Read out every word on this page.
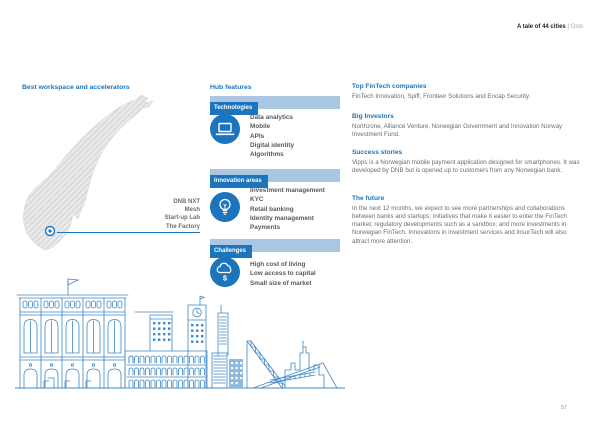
A tale of 44 cities | Oslo
Best workspace and accelerators
DNB NXT
Mesh
Start-up Lab
The Factory
Hub features
Technologies
Data analytics
Mobile
APIs
Digital identity
Algorithms
Innovation areas
Investment management
KYC
Retail banking
Identity management
Payments
Challenges
$
High cost of living
Low access to capital
Small size of market
Top FinTech companies
FinTech Innovation, Spiff, Fronteer Solutions and Encap Security.
Big Investors
Northzone, Alliance Venture, Norwegian Government and Innovation Norway Investment Fund.
Success stories
Vipps is a Norwegian mobile payment application designed for smartphones. It was developed by DNB but is opened up to customers from any Norwegian bank.
The future
In the next 12 months, we expect to see more partnerships and collaborations between banks and startups; initiatives that make it easier to enter the FinTech market; regulatory developments such as a sandbox; and more investments in Norwegian FinTech. Innovations in investment services and InsurTech will also attract more attention.
57
